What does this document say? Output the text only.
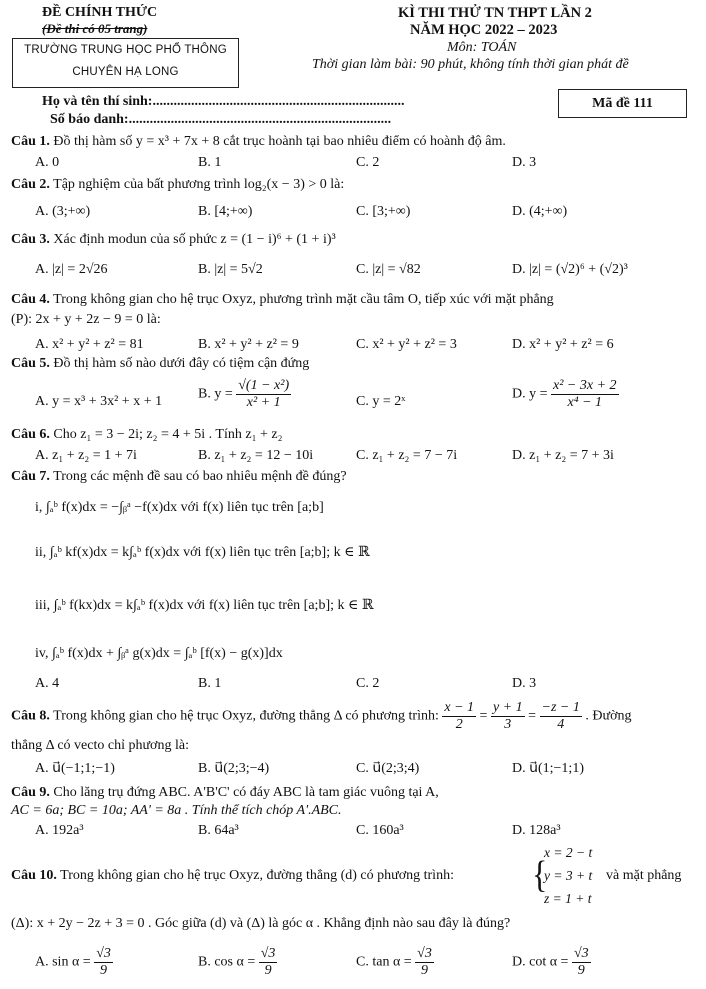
ĐỀ CHÍNH THỨC
(Đề thi có 05 trang)
TRƯỜNG TRUNG HỌC PHỔ THÔNG
CHUYÊN HẠ LONG
KÌ THI THỬ TN THPT LẦN 2
NĂM HỌC 2022 – 2023
Môn: TOÁN
Thời gian làm bài: 90 phút, không tính thời gian phát đề
Họ và tên thí sinh:........................................................................
Số báo danh:...........................................................................
Mã đề 111
Câu 1. Đồ thị hàm số y = x³ + 7x + 8 cắt trục hoành tại bao nhiêu điểm có hoành độ âm.
A. 0	B. 1	C. 2	D. 3
Câu 2. Tập nghiệm của bất phương trình log₂(x − 3) > 0 là:
A. (3;+∞)	B. [4;+∞)	C. [3;+∞)	D. (4;+∞)
Câu 3. Xác định modun của số phức z = (1 − i)⁶ + (1 + i)³
A. |z| = 2√26	B. |z| = 5√2	C. |z| = √82	D. |z| = (√2)⁶ + (√2)³
Câu 4. Trong không gian cho hệ trục Oxyz, phương trình mặt cầu tâm O, tiếp xúc với mặt phẳng
(P): 2x + y + 2z − 9 = 0 là:
A. x² + y² + z² = 81	B. x² + y² + z² = 9	C. x² + y² + z² = 3	D. x² + y² + z² = 6
Câu 5. Đồ thị hàm số nào dưới đây có tiệm cận đứng
A. y = x³ + 3x² + x + 1	B. $y = \frac{\text{√(1 − x²)}}{\text{x² + 1}}$	C. y = 2ˣ	D. $y = \frac{\text{x² − 3x + 2}}{\text{x⁴ − 1}}$
Câu 6. Cho z₁ = 3 − 2i; z₂ = 4 + 5i . Tính z₁ + z₂
A. z₁ + z₂ = 1 + 7i	B. z₁ + z₂ = 12 − 10i	C. z₁ + z₂ = 7 − 7i	D. z₁ + z₂ = 7 + 3i
Câu 7. Trong các mệnh đề sau có bao nhiêu mệnh đề đúng?
i, ∫ₐᵇ f(x)dx = −∫ᵦᵃ −f(x)dx với f(x) liên tục trên [a;b]
ii, ∫ₐᵇ kf(x)dx = k∫ₐᵇ f(x)dx với f(x) liên tục trên [a;b]; k ∈ ℝ
iii, ∫ₐᵇ f(kx)dx = k∫ₐᵇ f(x)dx với f(x) liên tục trên [a;b]; k ∈ ℝ
iv, ∫ₐᵇ f(x)dx + ∫ᵦᵃ g(x)dx = ∫ₐᵇ [f(x) − g(x)]dx
A. 4	B. 1	C. 2	D. 3
Câu 8. Trong không gian cho hệ trục Oxyz, đường thẳng Δ có phương trình: $\frac{x - 1}{2} = \frac{y + 1}{3} = \frac{-z - 1}{4}$ . Đường
thẳng Δ có vecto chỉ phương là:
A. u⃗(−1;1;−1)	B. u⃗(2;3;−4)	C. u⃗(2;3;4)	D. u⃗(1;−1;1)
Câu 9. Cho lăng trụ đứng ABC. A'B'C' có đáy ABC là tam giác vuông tại A,
AC = 6a; BC = 10a; AA' = 8a . Tính thể tích chóp A'.ABC.
A. 192a³	B. 64a³	C. 160a³	D. 128a³
Câu 10. Trong không gian cho hệ trục Oxyz, đường thẳng (d) có phương trình: {
x = 2 − t
y = 3 + t
z = 1 + t
và mặt phẳng
(Δ): x + 2y − 2z + 3 = 0 . Góc giữa (d) và (Δ) là góc α . Khẳng định nào sau đây là đúng?
A. $\sin \alpha = \frac{√3}{9}$	B. $\cos \alpha = \frac{√3}{9}$	C. $\tan \alpha = \frac{√3}{9}$	D. $\cot \alpha = \frac{√3}{9}$
